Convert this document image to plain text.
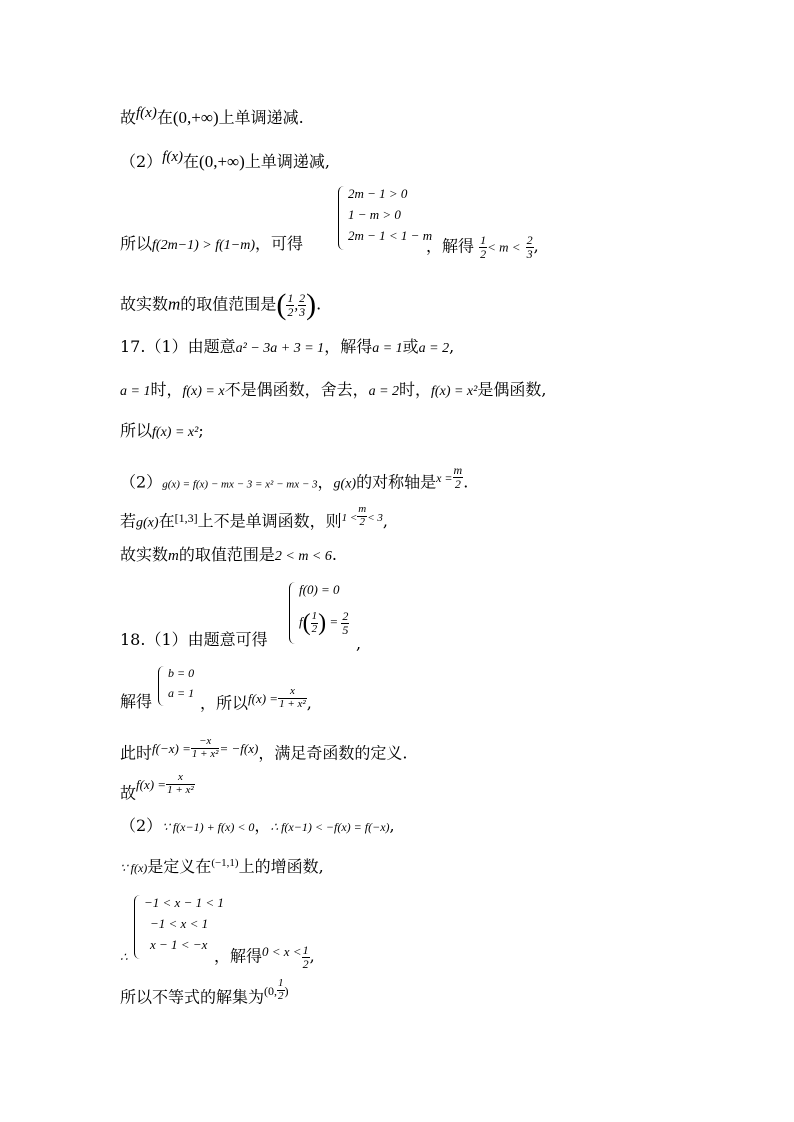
故f(x)在(0,+∞)上单调递减.
（2）f(x)在(0,+∞)上单调递减,
2m − 1 > 0
1 − m > 0
2m − 1 < 1 − m
所以f(2m−1) > f(1−m)，可得	，解得 $\frac{1}{2} < m < \frac{2}{3}$ ,
故实数m的取值范围是( $\frac{1}{2}$ , $\frac{2}{3}$ ).
17.（1）由题意a² − 3a + 3 = 1，解得a = 1或a = 2,
a = 1时，f(x) = x不是偶函数，舍去，a = 2时，f(x) = x²是偶函数,
所以f(x) = x²;
（2）g(x) = f(x) − mx − 3 = x² − mx − 3，g(x)的对称轴是$^{x =} \frac{m}{2}$ .
若g(x)在[1,3]上不是单调函数，则$^{1 <} \frac{m}{2} ^{< 3}$,
故实数m的取值范围是2 < m < 6.
f(0) = 0
$f( \frac{1}{2}$ ) = $\frac{2}{5}$
18.（1）由题意可得	,
b = 0
a = 1
解得	，所以$^{f(x) =} \frac{x}{\text{1 + x²}}$ ,
此时$^{f(-x) =} \frac{-x}{\text{1 + x²}} ^{= -f(x)}$，满足奇函数的定义.
故$^{f(x) =} \frac{x}{\text{1 + x²}}$
（2）∵ f(x−1) + f(x) < 0，∴ f(x−1) < −f(x) = f(−x),
∵ f(x)是定义在$^{(-1,1)}$上的增函数,
−1 < x − 1 < 1
−1 < x < 1
x − 1 < −x
∴	，解得$^{0 < x <} \frac{1}{2}$ ,
所以不等式的解集为$^{(0,} \frac{1}{2} ^)$
